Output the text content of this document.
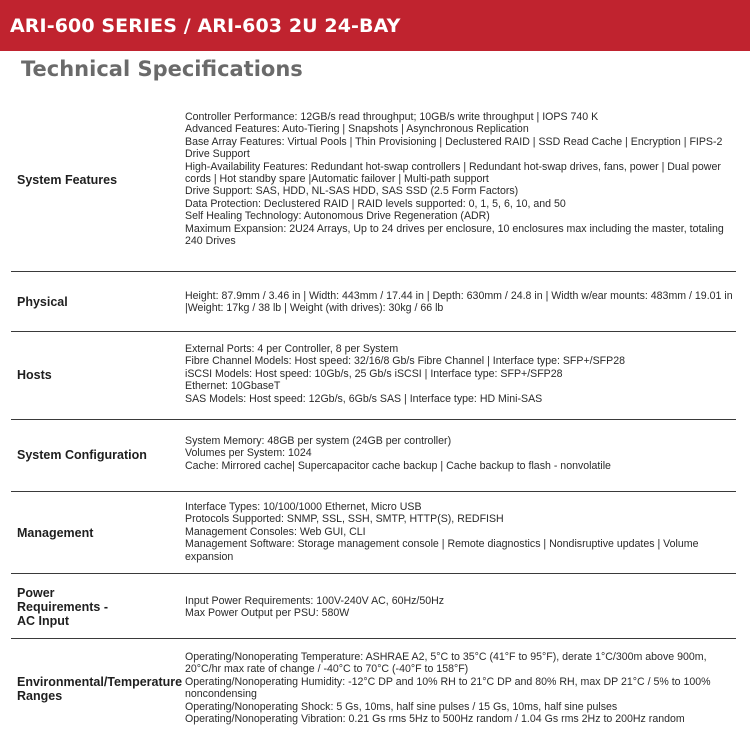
ARI-600 SERIES / ARI-603 2U 24-BAY
Technical Specifications
System Features
Controller Performance: 12GB/s read throughput; 10GB/s write throughput | IOPS 740 K
Advanced Features: Auto-Tiering | Snapshots | Asynchronous Replication
Base Array Features: Virtual Pools | Thin Provisioning | Declustered RAID | SSD Read Cache | Encryption | FIPS-2 Drive Support
High-Availability Features: Redundant hot-swap controllers | Redundant hot-swap drives, fans, power | Dual power cords | Hot standby spare |Automatic failover | Multi-path support
Drive Support: SAS, HDD, NL-SAS HDD, SAS SSD (2.5 Form Factors)
Data Protection: Declustered RAID | RAID levels supported: 0, 1, 5, 6, 10, and 50
Self Healing Technology: Autonomous Drive Regeneration (ADR)
Maximum Expansion: 2U24 Arrays, Up to 24 drives per enclosure, 10 enclosures max including the master, totaling 240 Drives
Physical	Height: 87.9mm / 3.46 in | Width: 443mm / 17.44 in | Depth: 630mm / 24.8 in | Width w/ear mounts: 483mm / 19.01 in |Weight: 17kg / 38 lb | Weight (with drives): 30kg / 66 lb
Hosts
External Ports: 4 per Controller, 8 per System
Fibre Channel Models: Host speed: 32/16/8 Gb/s Fibre Channel | Interface type: SFP+/SFP28
iSCSI Models: Host speed: 10Gb/s, 25 Gb/s iSCSI | Interface type: SFP+/SFP28
Ethernet: 10GbaseT
SAS Models: Host speed: 12Gb/s, 6Gb/s SAS | Interface type: HD Mini-SAS
System Configuration
System Memory: 48GB per system (24GB per controller)
Volumes per System: 1024
Cache: Mirrored cache| Supercapacitor cache backup | Cache backup to flash - nonvolatile
Management
Interface Types: 10/100/1000 Ethernet, Micro USB
Protocols Supported: SNMP, SSL, SSH, SMTP, HTTP(S), REDFISH
Management Consoles: Web GUI, CLI
Management Software: Storage management console | Remote diagnostics | Nondisruptive updates | Volume expansion
Power Requirements - AC Input
Input Power Requirements: 100V-240V AC, 60Hz/50Hz
Max Power Output per PSU: 580W
Environmental/Temperature Ranges
Operating/Nonoperating Temperature: ASHRAE A2, 5°C to 35°C (41°F to 95°F), derate 1°C/300m above 900m, 20°C/hr max rate of change / -40°C to 70°C (-40°F to 158°F)
Operating/Nonoperating Humidity: -12°C DP and 10% RH to 21°C DP and 80% RH, max DP 21°C / 5% to 100% noncondensing
Operating/Nonoperating Shock: 5 Gs, 10ms, half sine pulses / 15 Gs, 10ms, half sine pulses
Operating/Nonoperating Vibration: 0.21 Gs rms 5Hz to 500Hz random / 1.04 Gs rms 2Hz to 200Hz random
